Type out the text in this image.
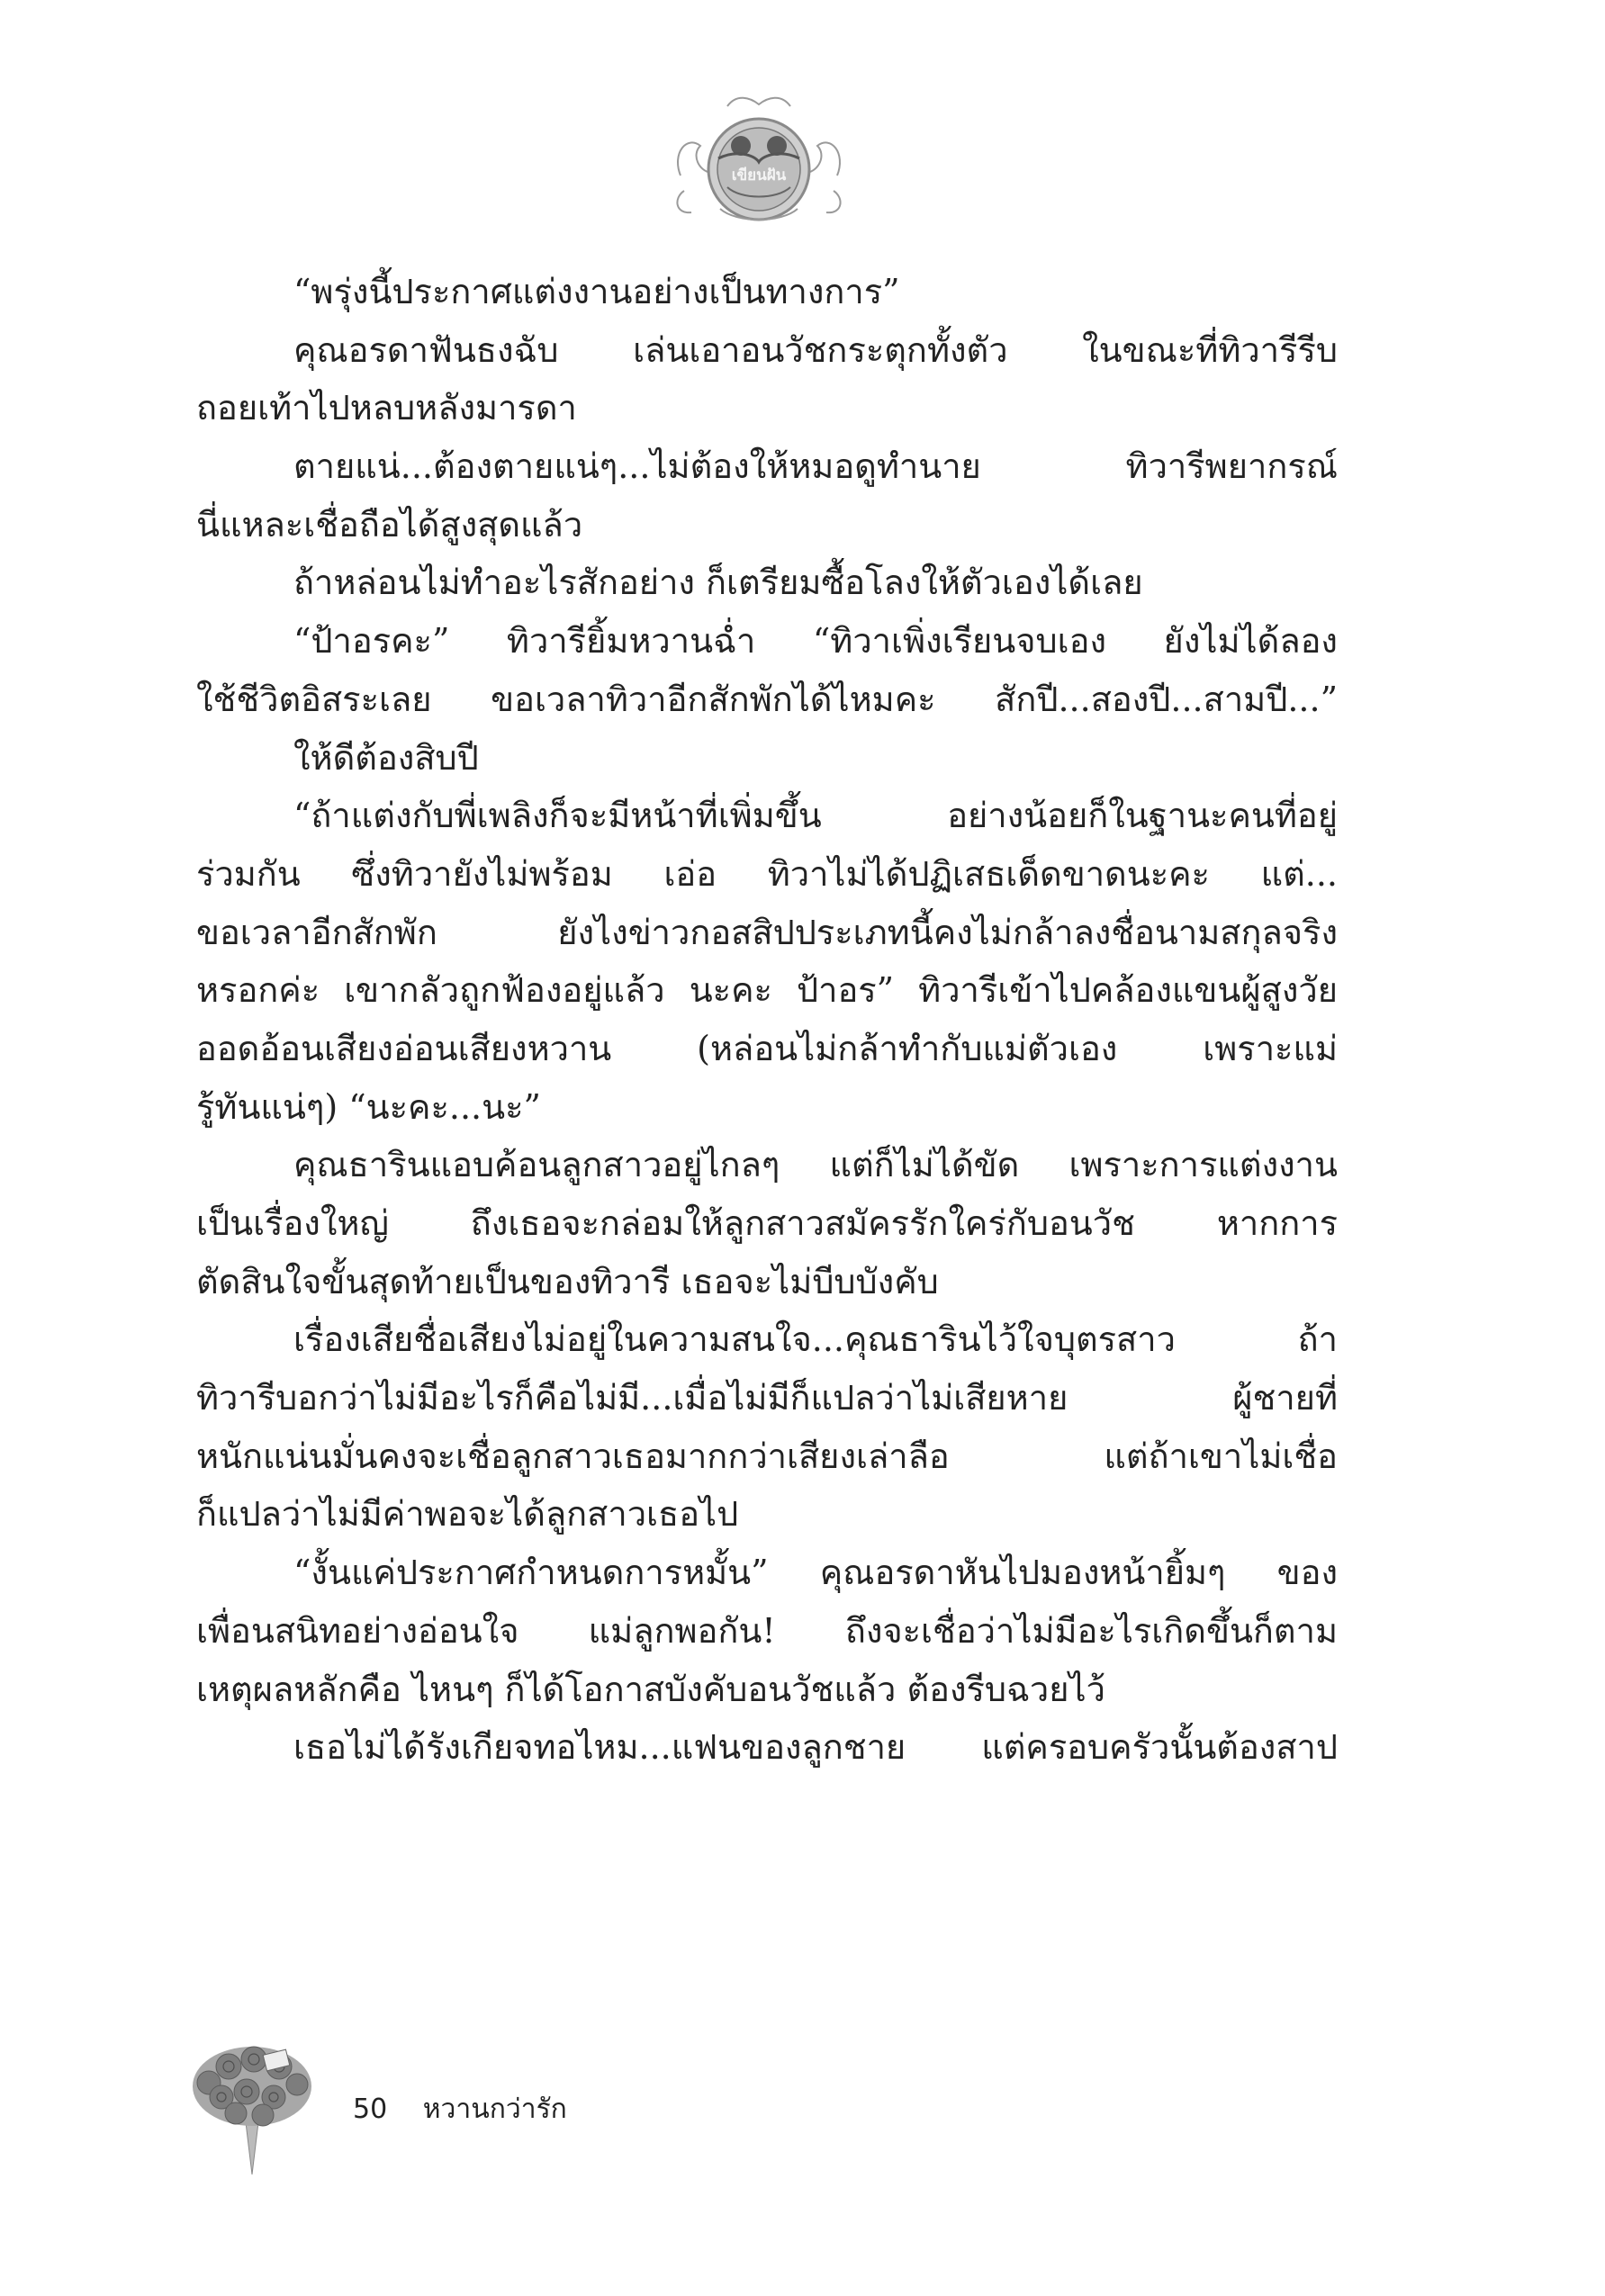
เขียนฝัน
“พรุ่งนี้ประกาศแต่งงานอย่างเป็นทางการ”
คุณอรดาฟันธงฉับ เล่นเอาอนวัชกระตุกทั้งตัว ในขณะที่ทิวารีรีบ
ถอยเท้าไปหลบหลังมารดา
ตายแน่...ต้องตายแน่ๆ...ไม่ต้องให้หมอดูทำนาย ทิวารีพยากรณ์
นี่แหละเชื่อถือได้สูงสุดแล้ว
ถ้าหล่อนไม่ทำอะไรสักอย่าง ก็เตรียมซื้อโลงให้ตัวเองได้เลย
“ป้าอรคะ” ทิวารียิ้มหวานฉ่ำ “ทิวาเพิ่งเรียนจบเอง ยังไม่ได้ลอง
ใช้ชีวิตอิสระเลย ขอเวลาทิวาอีกสักพักได้ไหมคะ สักปี...สองปี...สามปี...”
ให้ดีต้องสิบปี
“ถ้าแต่งกับพี่เพลิงก็จะมีหน้าที่เพิ่มขึ้น อย่างน้อยก็ในฐานะคนที่อยู่
ร่วมกัน ซึ่งทิวายังไม่พร้อม เอ่อ ทิวาไม่ได้ปฏิเสธเด็ดขาดนะคะ แต่...
ขอเวลาอีกสักพัก ยังไงข่าวกอสสิปประเภทนี้คงไม่กล้าลงชื่อนามสกุลจริง
หรอกค่ะ เขากลัวถูกฟ้องอยู่แล้ว นะคะ ป้าอร” ทิวารีเข้าไปคล้องแขนผู้สูงวัย
ออดอ้อนเสียงอ่อนเสียงหวาน (หล่อนไม่กล้าทำกับแม่ตัวเอง เพราะแม่
รู้ทันแน่ๆ) “นะคะ...นะ”
คุณธารินแอบค้อนลูกสาวอยู่ไกลๆ แต่ก็ไม่ได้ขัด เพราะการแต่งงาน
เป็นเรื่องใหญ่ ถึงเธอจะกล่อมให้ลูกสาวสมัครรักใคร่กับอนวัช หากการ
ตัดสินใจขั้นสุดท้ายเป็นของทิวารี เธอจะไม่บีบบังคับ
เรื่องเสียชื่อเสียงไม่อยู่ในความสนใจ...คุณธารินไว้ใจบุตรสาว ถ้า
ทิวารีบอกว่าไม่มีอะไรก็คือไม่มี...เมื่อไม่มีก็แปลว่าไม่เสียหาย ผู้ชายที่
หนักแน่นมั่นคงจะเชื่อลูกสาวเธอมากกว่าเสียงเล่าลือ แต่ถ้าเขาไม่เชื่อ
ก็แปลว่าไม่มีค่าพอจะได้ลูกสาวเธอไป
“งั้นแค่ประกาศกำหนดการหมั้น” คุณอรดาหันไปมองหน้ายิ้มๆ ของ
เพื่อนสนิทอย่างอ่อนใจ แม่ลูกพอกัน! ถึงจะเชื่อว่าไม่มีอะไรเกิดขึ้นก็ตาม
เหตุผลหลักคือ ไหนๆ ก็ได้โอกาสบังคับอนวัชแล้ว ต้องรีบฉวยไว้
เธอไม่ได้รังเกียจทอไหม...แฟนของลูกชาย แต่ครอบครัวนั้นต้องสาป
50 หวานกว่ารัก
